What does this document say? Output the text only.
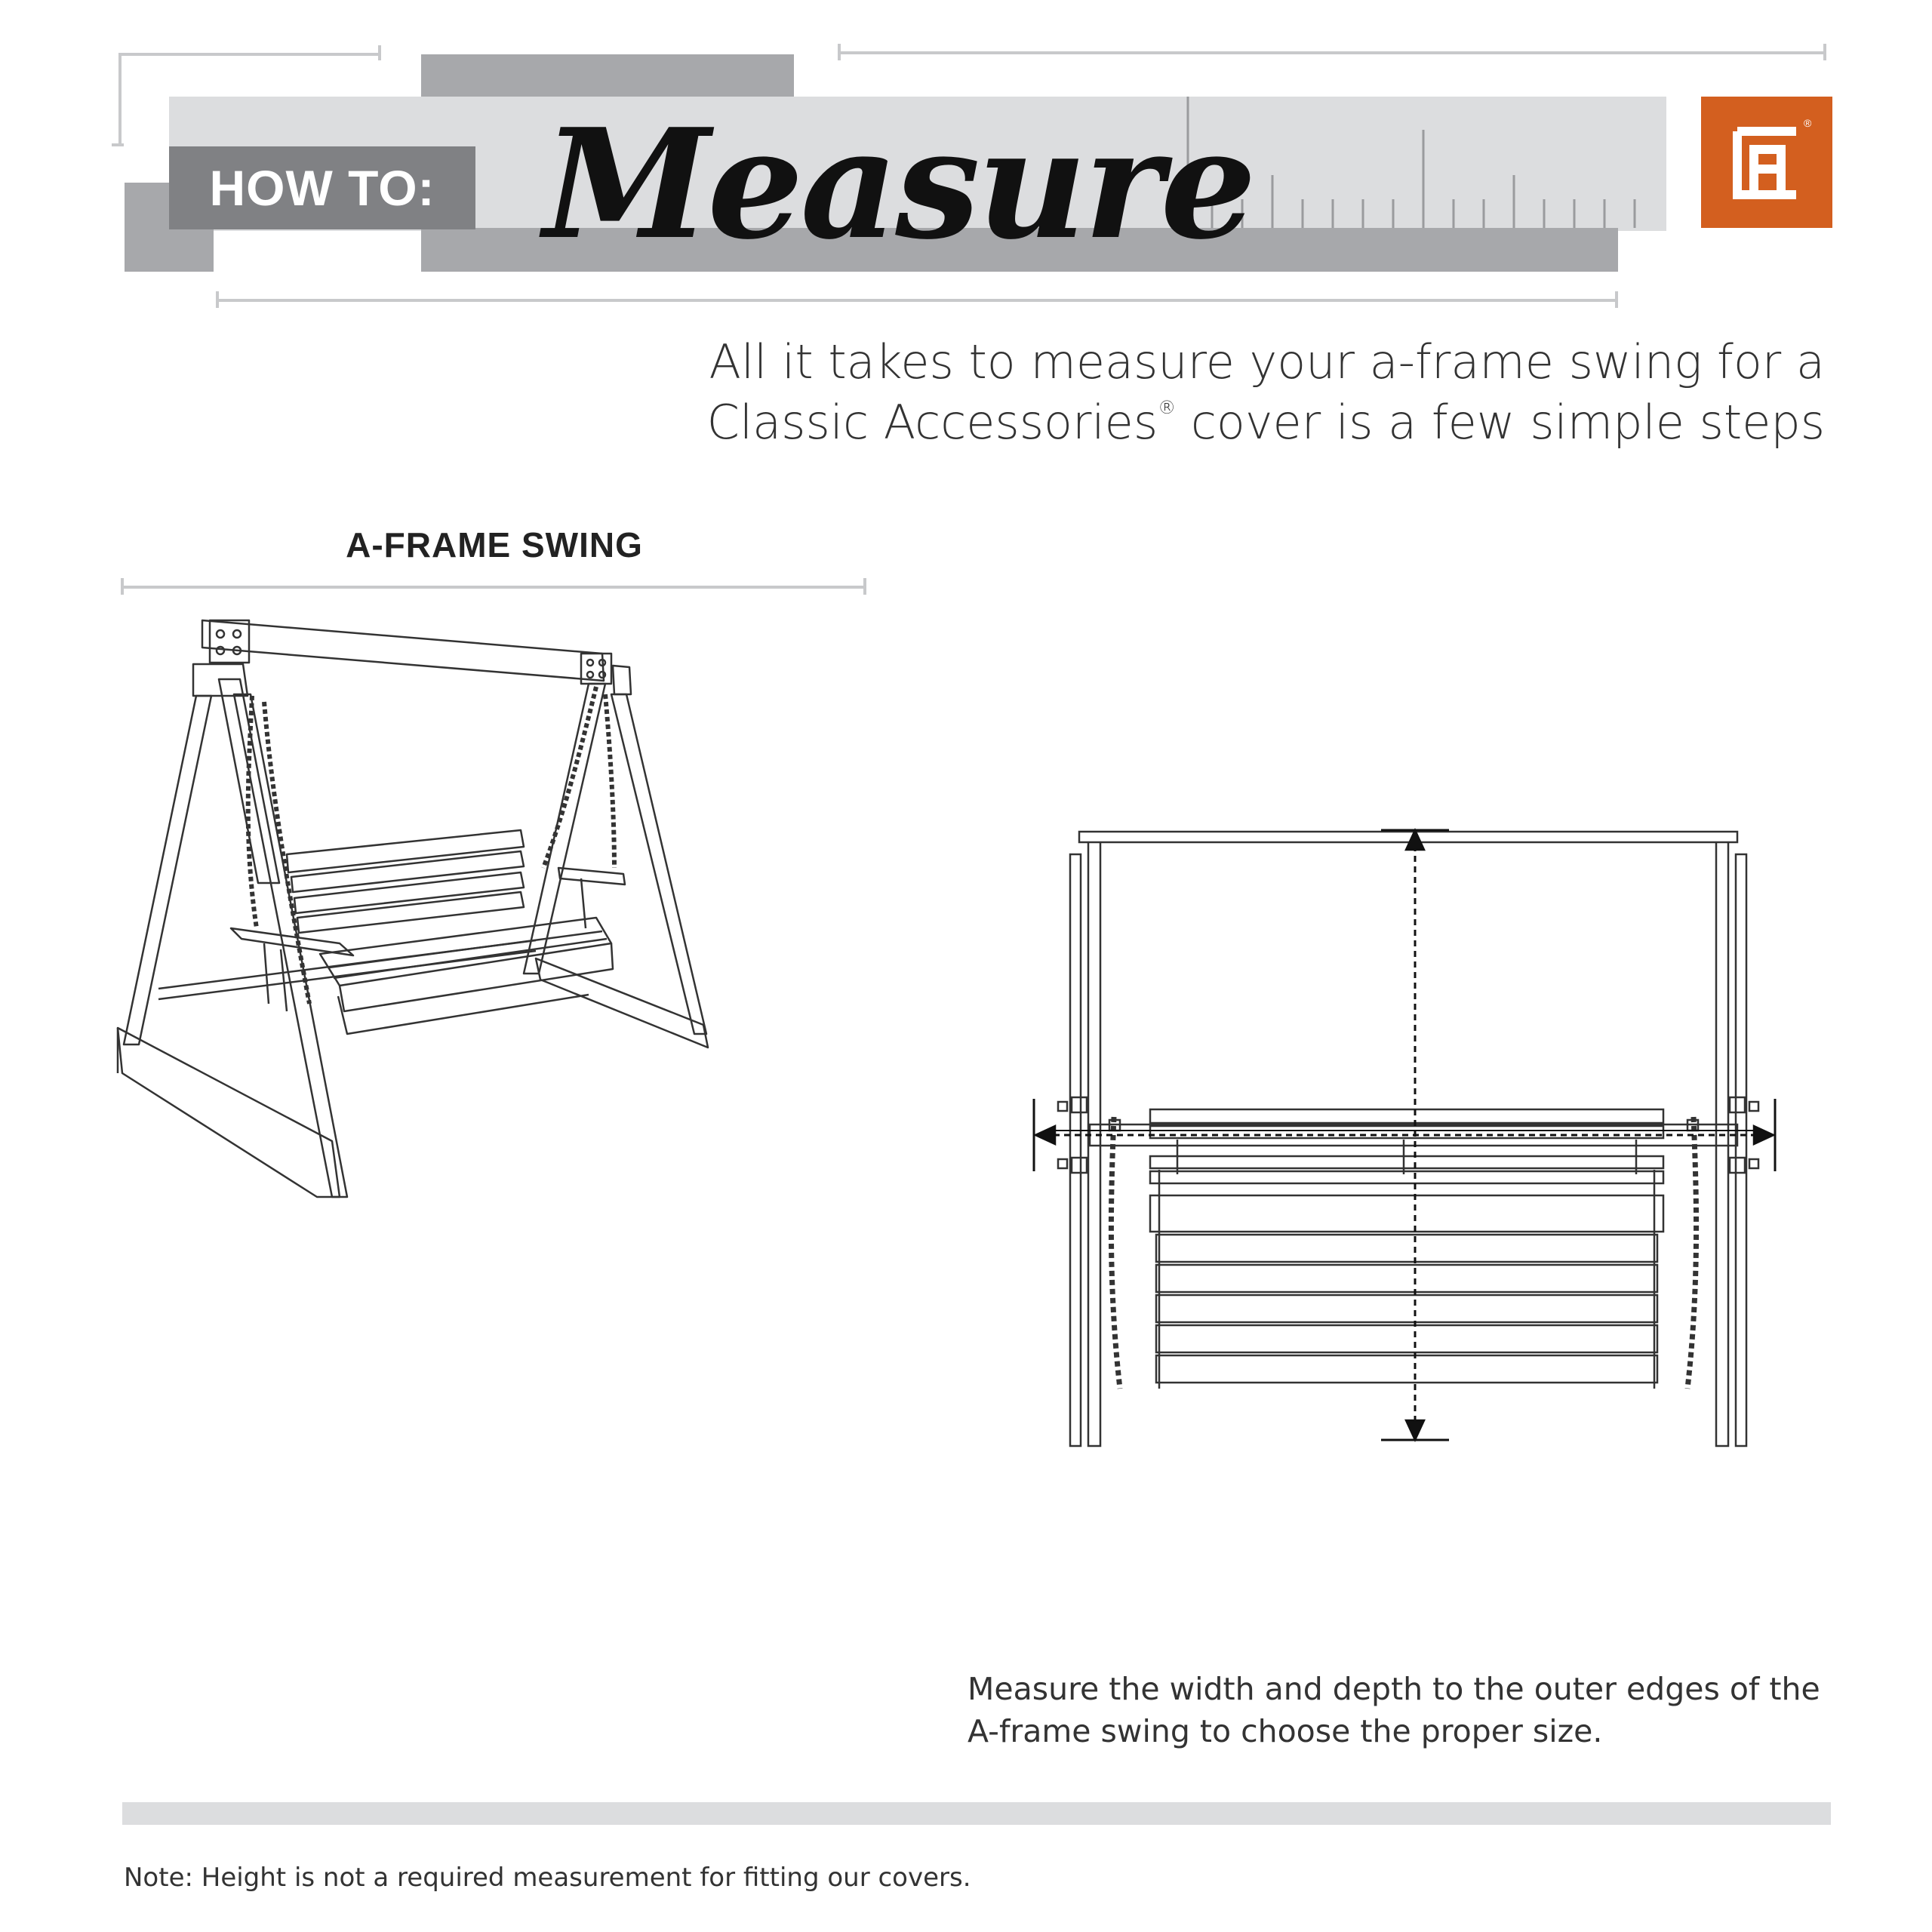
HOW TO: Measure	®
All it takes to measure your a-frame swing for a
Classic Accessories® cover is a few simple steps
A-FRAME SWING
Measure the width and depth to the outer edges of the A-frame swing to choose the proper size.
Note: Height is not a required measurement for fitting our covers.
